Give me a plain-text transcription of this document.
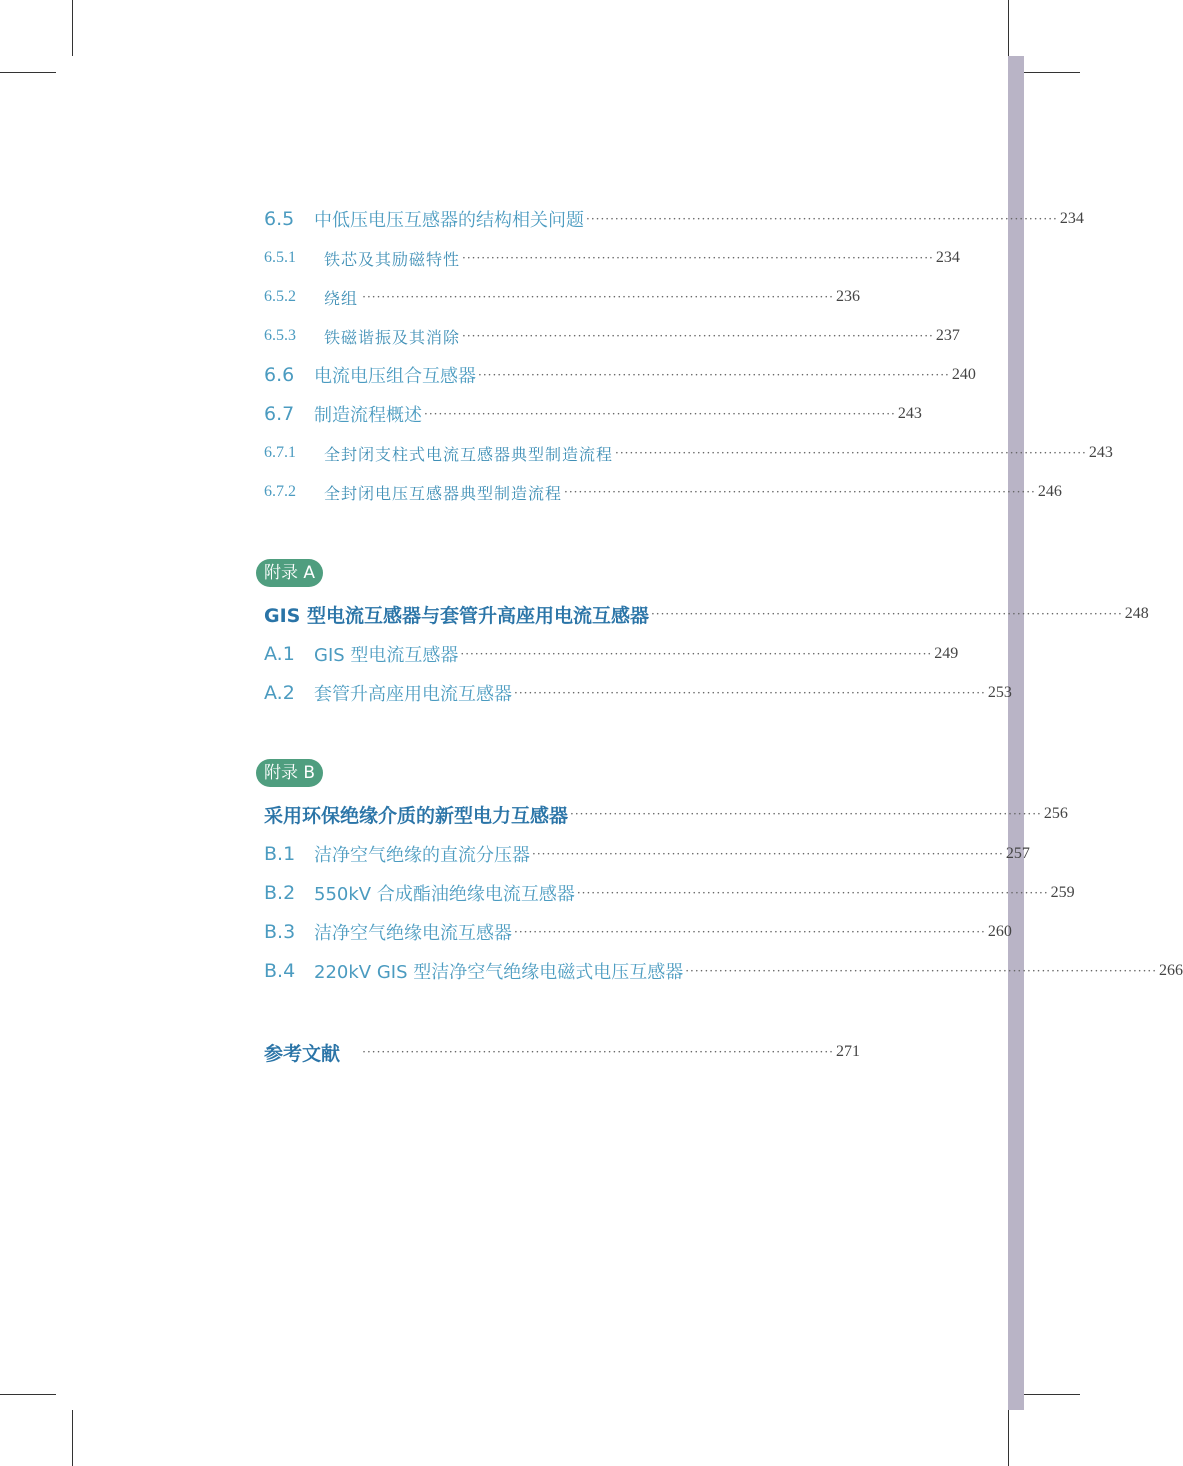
6.5	中低压电压互感器的结构相关问题 ·································································································· 234
6.5.1	铁芯及其励磁特性 ·································································································· 234
6.5.2	绕组 ·································································································· 236
6.5.3	铁磁谐振及其消除 ·································································································· 237
6.6	电流电压组合互感器 ·································································································· 240
6.7	制造流程概述 ·································································································· 243
6.7.1	全封闭支柱式电流互感器典型制造流程 ·································································································· 243
6.7.2	全封闭电压互感器典型制造流程 ·································································································· 246
附录 A
GIS 型电流互感器与套管升高座用电流互感器 ·································································································· 248
A.1	GIS 型电流互感器 ·································································································· 249
A.2	套管升高座用电流互感器 ·································································································· 253
附录 B
采用环保绝缘介质的新型电力互感器 ·································································································· 256
B.1	洁净空气绝缘的直流分压器 ·································································································· 257
B.2	550kV 合成酯油绝缘电流互感器 ·································································································· 259
B.3	洁净空气绝缘电流互感器 ·································································································· 260
B.4	220kV GIS 型洁净空气绝缘电磁式电压互感器 ·································································································· 266
参考文献	·································································································· 271
